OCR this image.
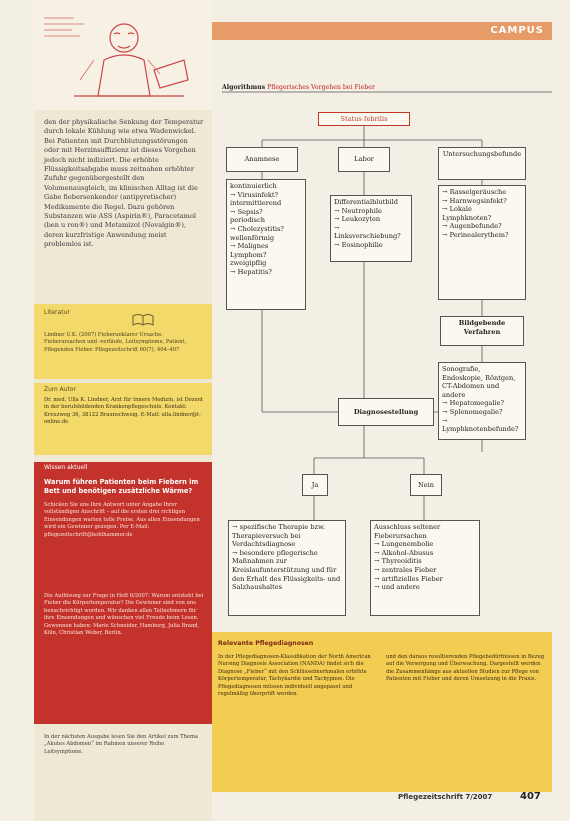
den der physikalische Senkung der Temperatur durch lokale Kühlung wie etwa Wadenwickel. Bei Patienten mit Durchblutungsstörungen oder mit Herzinsuffizienz ist dieses Vorgehen jedoch nicht indiziert. Die erhöhte Flüssigkeitsabgabe muss zeitnahen erhöhter Zufuhr gegenübergestellt den Volumenausgleich, im klinischen Alltag ist die Gabe fiebersenkender (antipyretischer) Medikamente die Regel. Dazu gehören Substanzen wie ASS (Aspirin®), Paracetamol (ben u ron®) und Metamizol (Novalgin®), deren kurzfristige Anwendung meist problemlos ist.
Literatur
Lindner U.K. (2007) Fieberunklarer Ursache. Fieberursachen und -verläufe, Leitsymptome, Patient, Pflegenden Fieber. Pflegezeitschrift 60(7), 404–407
Zum Autor
Dr. med. Ulla K. Lindner, Arzt für Innere Medizin, ist Dozent in der berufsbildenden Krankenpflegeschule. Kontakt: Kreuzweg 36, 38122 Braunschweig. E-Mail: ulla.lindner@t-online.de
Wissen aktuell
Warum führen Patienten beim Fiebern im Bett und benötigen zusätzliche Wärme?
Schicken Sie uns Ihre Antwort unter Angabe Ihrer vollständigen Anschrift – auf die ersten drei richtigen Einsendungen warten tolle Preise. Aus allen Einsendungen wird ein Gewinner gezogen. Per E-Mail: pflegezeitschrift@kohlhammer.de
Die Auflösung zur Frage in Heft 6/2007: Warum entsteht bei Fieber die Körpertemperatur? Die Gewinner sind von uns benachrichtigt worden. Wir danken allen Teilnehmern für ihre Einsendungen und wünschen viel Freude beim Lesen. Gewonnen haben: Marie Schneider, Hamburg, Julia Brand, Köln, Christian Weber, Berlin.
In der nächsten Ausgabe lesen Sie den Artikel zum Thema „Akutes Abdomen“ im Rahmen unserer Reihe Leitsymptome.
CAMPUS
Algorithmus Pflegerisches Vorgehen bei Fieber
Status febrilis
Anamnese	Labor
Untersuchungsbefunde
kontinuierlich
→ Virusinfekt?
intermittierend
→ Sepsis?
periodisch
→ Cholezystitis?
wellenförmig
→ Malignes Lymphom?
zweigipflig
→ Hepatitis?
Differentialblutbild
→ Neutrophile
→ Leukozyten
→ Linksverschiebung?
→ Eosinophilie
→ Rasselgeräusche
→ Harnwegsinfekt?
→ Lokale Lymphknoten?
→ Augenbefunde?
→ Perinealerythem?
Bildgebende Verfahren
Sonografie, Endoskopie, Röntgen, CT-Abdomen und andere
→ Hepatomegalie?
→ Splenomegalie?
→ Lymphknotenbefunde?
Diagnosestellung
Ja	Nein
→ spezifische Therapie bzw. Therapieversuch bei Verdachtsdiagnose
→ besondere pflegerische Maßnahmen zur Kreislaufunterstützung und für den Erhalt des Flüssigkeits- und Salzhaushaltes
Ausschluss seltener Fieberursachen
→ Lungenembolie
→ Alkohol-Abusus
→ Thyreoiditis
→ zentrales Fieber
→ artifizielles Fieber
→ und andere
Relevante Pflegediagnosen
In der Pflegediagnosen-Klassifikation der North American Nursing Diagnosis Association (NANDA) findet sich die Diagnose „Fieber“ mit den Schlüsselmerkmalen erhöhte Körpertemperatur, Tachykardie und Tachypnoe. Die Pflegediagnosen müssen individuell angepasst und regelmäßig überprüft werden.
und den daraus resultierenden Pflegebedürfnissen in Bezug auf die Versorgung und Überwachung. Dargestellt werden die Zusammenhänge aus aktuellen Studien zur Pflege von Patienten mit Fieber und deren Umsetzung in die Praxis.
Pflegezeitschrift 7/2007	407
